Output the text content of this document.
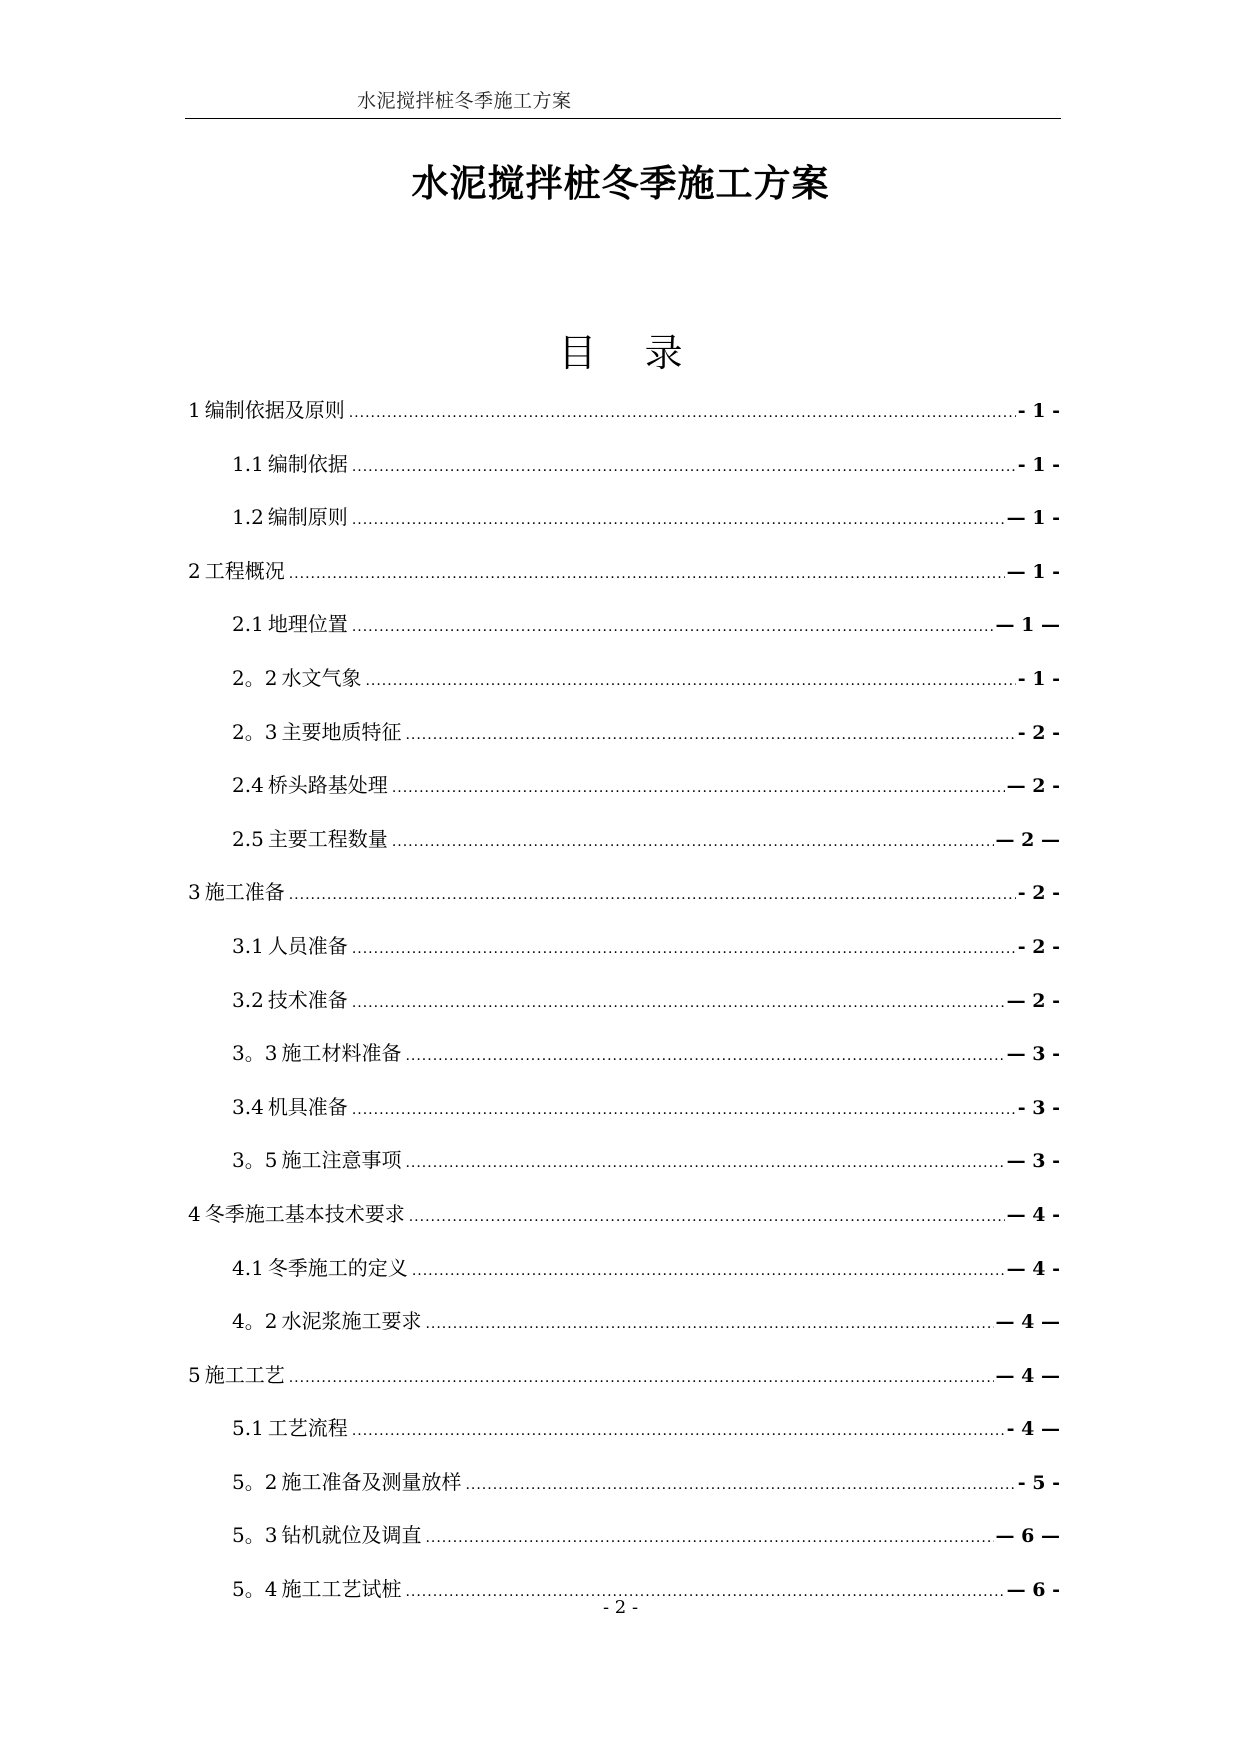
水泥搅拌桩冬季施工方案
水泥搅拌桩冬季施工方案
目    录
1 编制依据及原则 .....	- 1 -
1.1 编制依据 .....	- 1 -
1.2 编制原则 .....	— 1 -
2 工程概况 .....	— 1 -
2.1 地理位置 .....	— 1 —
2。2 水文气象 .....	- 1 -
2。3 主要地质特征 .....	- 2 -
2.4 桥头路基处理 .....	— 2 -
2.5 主要工程数量 .....	— 2 —
3 施工准备 .....	- 2 -
3.1 人员准备 .....	- 2 -
3.2 技术准备 .....	— 2 -
3。3 施工材料准备 .....	— 3 -
3.4 机具准备 .....	- 3 -
3。5 施工注意事项 .....	— 3 -
4 冬季施工基本技术要求 .....	— 4 -
4.1 冬季施工的定义 .....	— 4 -
4。2 水泥浆施工要求 .....	— 4 —
5 施工工艺 .....	— 4 —
5.1 工艺流程 .....	- 4 —
5。2 施工准备及测量放样 .....	- 5 -
5。3 钻机就位及调直 .....	— 6 —
5。4 施工工艺试桩 .....	— 6 -
- 2 -
